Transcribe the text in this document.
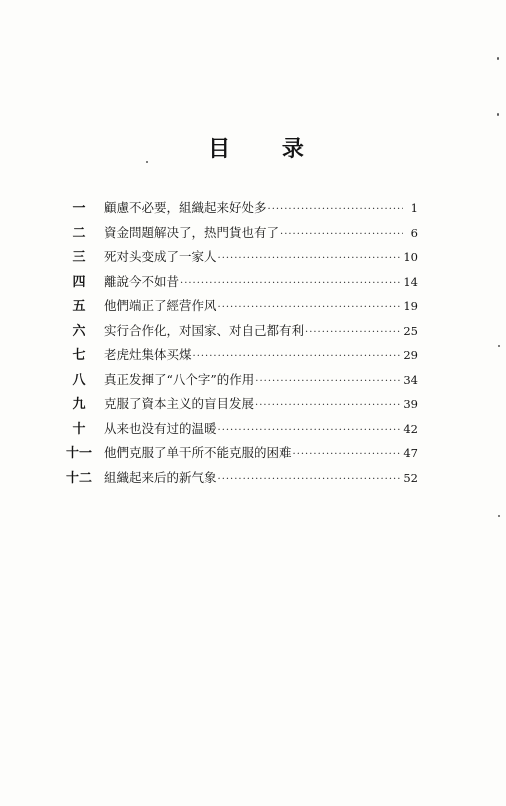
目 录
一	顧慮不必要，組織起来好处多 ·····	1
二	資金問題解决了，热門貨也有了 ·····	6
三	死对头变成了一家人 ·····	10
四	離說今不如昔 ·····	14
五	他們端正了經营作风 ·····	19
六	实行合作化，对国家、对自己都有利 ·····	25
七	老虎灶集体买煤 ·····	29
八	真正发揮了“八个字”的作用 ·····	34
九	克服了資本主义的盲目发展 ·····	39
十	从来也没有过的温暖 ·····	42
十一 他們克服了单干所不能克服的困难 ·····	47
十二 組織起来后的新气象 ·····	52
